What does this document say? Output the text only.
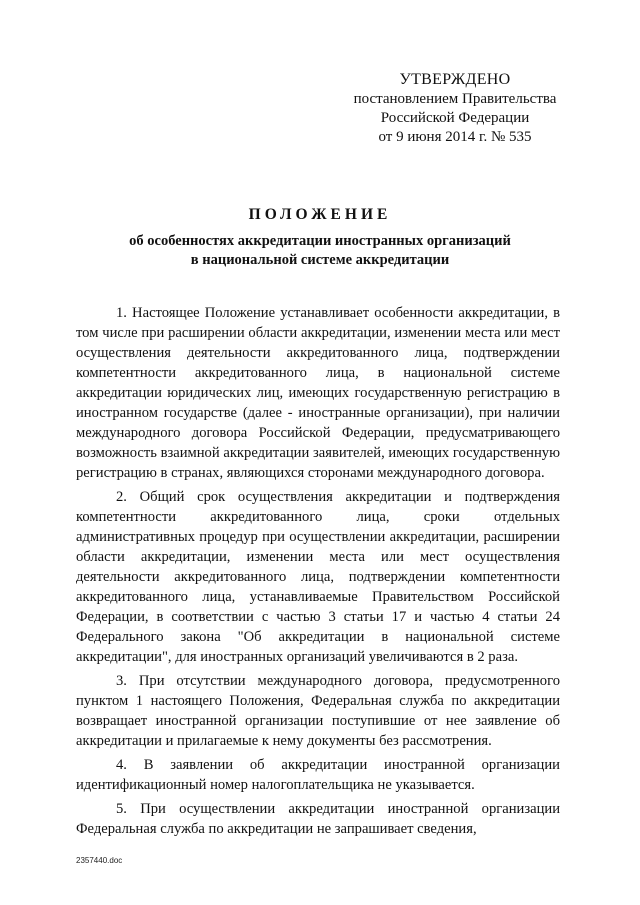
УТВЕРЖДЕНО
постановлением Правительства
Российской Федерации
от 9 июня 2014 г. № 535
ПОЛОЖЕНИЕ
об особенностях аккредитации иностранных организаций
в национальной системе аккредитации

1. Настоящее Положение устанавливает особенности аккредитации, в том числе при расширении области аккредитации, изменении места или мест осуществления деятельности аккредитованного лица, подтверждении компетентности аккредитованного лица, в национальной системе аккредитации юридических лиц, имеющих государственную регистрацию в иностранном государстве (далее - иностранные организации), при наличии международного договора Российской Федерации, предусматривающего возможность взаимной аккредитации заявителей, имеющих государственную регистрацию в странах, являющихся сторонами международного договора.

2. Общий срок осуществления аккредитации и подтверждения компетентности аккредитованного лица, сроки отдельных административных процедур при осуществлении аккредитации, расширении области аккредитации, изменении места или мест осуществления деятельности аккредитованного лица, подтверждении компетентности аккредитованного лица, устанавливаемые Правительством Российской Федерации, в соответствии с частью 3 статьи 17 и частью 4 статьи 24 Федерального закона "Об аккредитации в национальной системе аккредитации", для иностранных организаций увеличиваются в 2 раза.

3. При отсутствии международного договора, предусмотренного пунктом 1 настоящего Положения, Федеральная служба по аккредитации возвращает иностранной организации поступившие от нее заявление об аккредитации и прилагаемые к нему документы без рассмотрения.

4. В заявлении об аккредитации иностранной организации идентификационный номер налогоплательщика не указывается.

5. При осуществлении аккредитации иностранной организации Федеральная служба по аккредитации не запрашивает сведения,

2357440.doc
